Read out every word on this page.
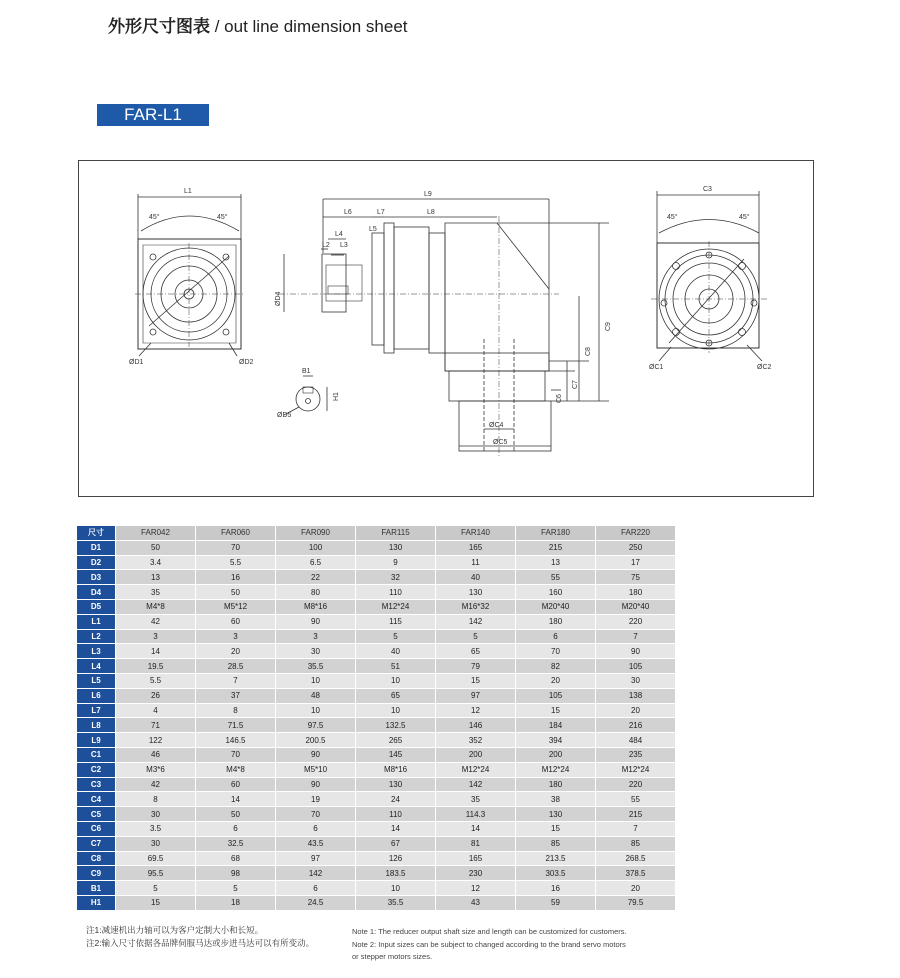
外形尺寸图表 / out line dimension sheet
FAR-L1
L1
45°	45°
ØD1	ØD2
L9
L6	L7	L8
L5
L4
L2 L3
ØD4
C9
C8
C7
C6
ØC4
ØC5
B1
H1
ØD5
C3
45°	45°
ØC1	ØC2
尺寸	FAR042	FAR060	FAR090	FAR115	FAR140	FAR180	FAR220
D1	50	70	100	130	165	215	250
D2	3.4	5.5	6.5	9	11	13	17
D3	13	16	22	32	40	55	75
D4	35	50	80	110	130	160	180
D5	M4*8	M5*12	M8*16	M12*24	M16*32	M20*40	M20*40
L1	42	60	90	115	142	180	220
L2	3	3	3	5	5	6	7
L3	14	20	30	40	65	70	90
L4	19.5	28.5	35.5	51	79	82	105
L5	5.5	7	10	10	15	20	30
L6	26	37	48	65	97	105	138
L7	4	8	10	10	12	15	20
L8	71	71.5	97.5	132.5	146	184	216
L9	122	146.5	200.5	265	352	394	484
C1	46	70	90	145	200	200	235
C2	M3*6	M4*8	M5*10	M8*16	M12*24	M12*24	M12*24
C3	42	60	90	130	142	180	220
C4	8	14	19	24	35	38	55
C5	30	50	70	110	114.3	130	215
C6	3.5	6	6	14	14	15	7
C7	30	32.5	43.5	67	81	85	85
C8	69.5	68	97	126	165	213.5	268.5
C9	95.5	98	142	183.5	230	303.5	378.5
B1	5	5	6	10	12	16	20
H1	15	18	24.5	35.5	43	59	79.5
注1:减速机出力轴可以为客户定制大小和长短。
注2:输入尺寸依据各品牌伺服马达或步进马达可以有所变动。
Note 1: The reducer output shaft size and length can be customized for customers.
Note 2: Input sizes can be subject to changed according to the brand servo motors
or stepper motors sizes.
